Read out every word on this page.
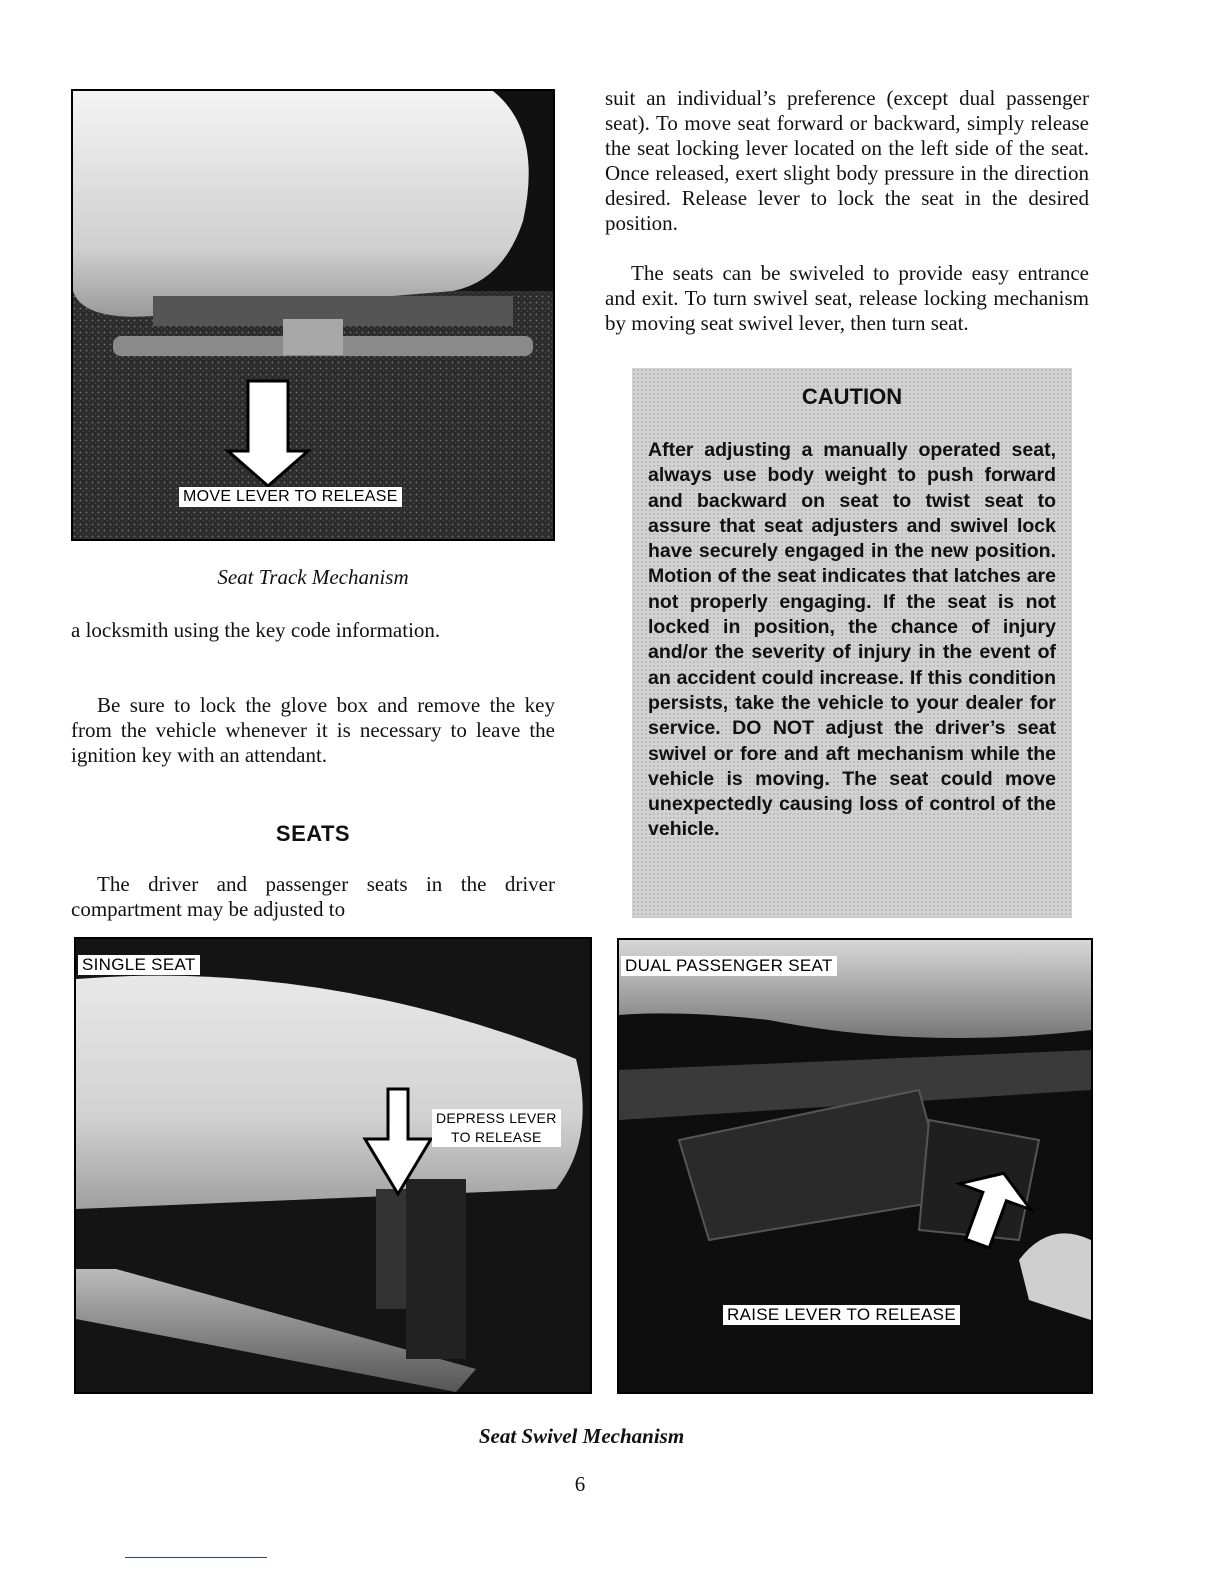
MOVE LEVER TO RELEASE
Seat Track Mechanism

a locksmith using the key code information.

Be sure to lock the glove box and remove the key from the vehicle whenever it is necessary to leave the ignition key with an attendant.

SEATS

The driver and passenger seats in the driver compartment may be adjusted to

suit an individual’s preference (except dual passenger seat). To move seat forward or backward, simply release the seat locking lever located on the left side of the seat. Once released, exert slight body pressure in the direction desired. Release lever to lock the seat in the desired position.

The seats can be swiveled to provide easy entrance and exit. To turn swivel seat, release locking mechanism by moving seat swivel lever, then turn seat.

CAUTION

After adjusting a manually operated seat, always use body weight to push forward and backward on seat to twist seat to assure that seat adjusters and swivel lock have securely engaged in the new position. Motion of the seat indicates that latches are not properly engaging. If the seat is not locked in position, the chance of injury and/or the severity of injury in the event of an accident could increase. If this condition persists, take the vehicle to your dealer for service. DO NOT adjust the driver’s seat swivel or fore and aft mechanism while the vehicle is moving. The seat could move unexpectedly causing loss of control of the vehicle.

SINGLE SEAT
DEPRESS LEVER
TO RELEASE
DUAL PASSENGER SEAT
RAISE LEVER TO RELEASE
Seat Swivel Mechanism
6
